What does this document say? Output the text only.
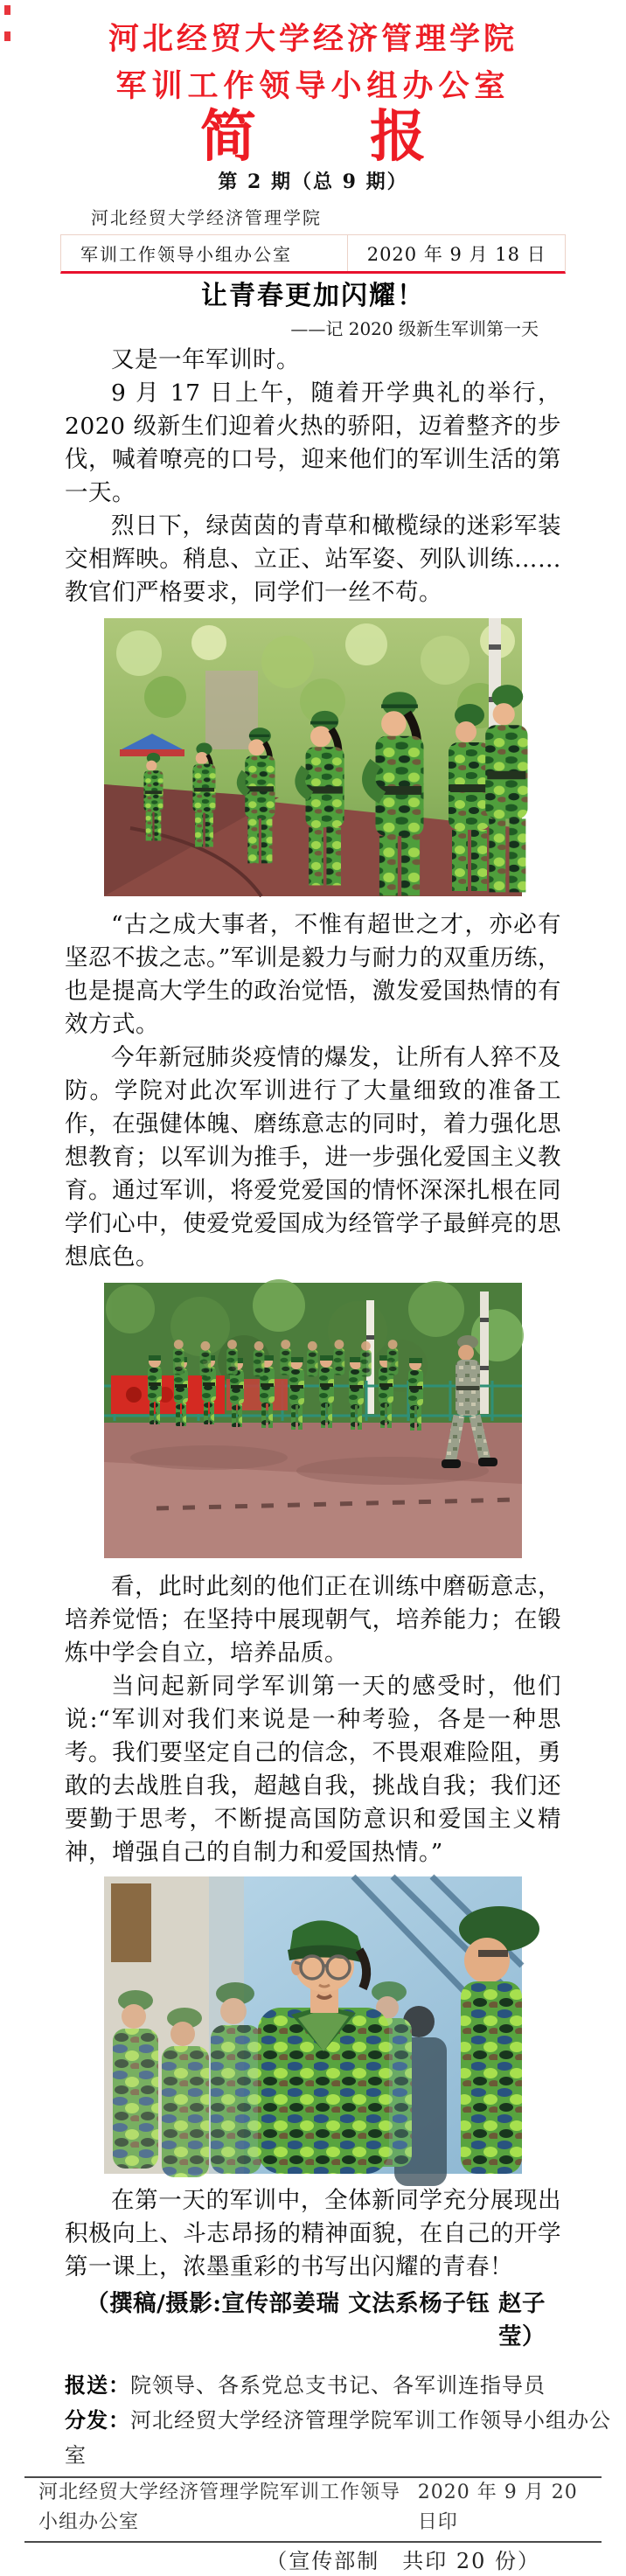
河北经贸大学经济管理学院
军训工作领导小组办公室
简 报
第 2 期（总 9 期）
河北经贸大学经济管理学院
军训工作领导小组办公室	2020 年 9 月 18 日
让青春更加闪耀！
——记 2020 级新生军训第一天

又是一年军训时。

9 月 17 日上午，随着开学典礼的举行，2020 级新生们迎着火热的骄阳，迈着整齐的步伐，喊着嘹亮的口号，迎来他们的军训生活的第一天。

烈日下，绿茵茵的青草和橄榄绿的迷彩军装交相辉映。稍息、立正、站军姿、列队训练……教官们严格要求，同学们一丝不苟。

“古之成大事者，不惟有超世之才，亦必有坚忍不拔之志。”军训是毅力与耐力的双重历练，也是提高大学生的政治觉悟，激发爱国热情的有效方式。

今年新冠肺炎疫情的爆发，让所有人猝不及防。学院对此次军训进行了大量细致的准备工作，在强健体魄、磨练意志的同时，着力强化思想教育；以军训为推手，进一步强化爱国主义教育。通过军训，将爱党爱国的情怀深深扎根在同学们心中，使爱党爱国成为经管学子最鲜亮的思想底色。

看，此时此刻的他们正在训练中磨砺意志，培养觉悟；在坚持中展现朝气，培养能力；在锻炼中学会自立，培养品质。

当问起新同学军训第一天的感受时，他们说:“军训对我们来说是一种考验，各是一种思考。我们要坚定自己的信念，不畏艰难险阻，勇敢的去战胜自我，超越自我，挑战自我；我们还要勤于思考，不断提高国防意识和爱国主义精神，增强自己的自制力和爱国热情。”

在第一天的军训中，全体新同学充分展现出积极向上、斗志昂扬的精神面貌，在自己的开学第一课上，浓墨重彩的书写出闪耀的青春！

（撰稿/摄影:宣传部姜瑞 文法系杨子钰 赵子莹）

报送：院领导、各系党总支书记、各军训连指导员
分发：河北经贸大学经济管理学院军训工作领导小组办公室
河北经贸大学经济管理学院军训工作领导小组办公室
2020 年 9 月 20 日印
（宣传部制　共印 20 份）
